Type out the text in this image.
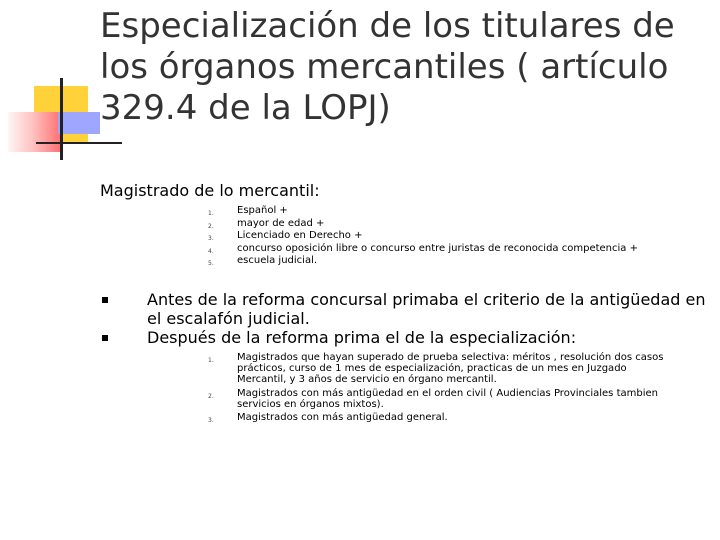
Especialización de los titulares de los órganos mercantiles ( artículo 329.4 de la LOPJ)
Magistrado de lo mercantil:
1. Español +
2. mayor de edad +
3. Licenciado en Derecho +
4. concurso oposición libre o concurso entre juristas de reconocida competencia +
5. escuela judicial.
Antes de la reforma concursal primaba el criterio de la antigüedad en el escalafón judicial.
Después de la reforma prima el de la especialización:
1. Magistrados que hayan superado de prueba selectiva: méritos , resolución dos casos prácticos, curso de 1 mes de especialización, practicas de un mes en Juzgado Mercantil, y 3 años de servicio en órgano mercantil.
2. Magistrados con más antigüedad en el orden civil ( Audiencias Provinciales tambien servicios en órganos mixtos).
3. Magistrados con más antigüedad general.
